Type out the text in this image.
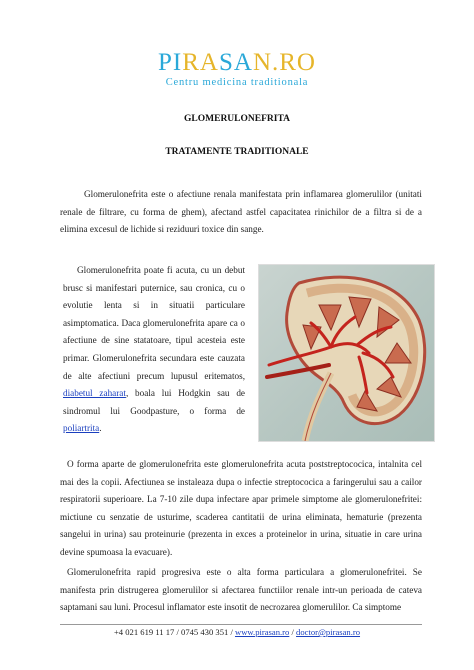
PIRASAN.RO
Centru medicina traditionala
GLOMERULONEFRITA
TRATAMENTE TRADITIONALE
Glomerulonefrita este o afectiune renala manifestata prin inflamarea glomerulilor (unitati renale de filtrare, cu forma de ghem), afectand astfel capacitatea rinichilor de a filtra si de a elimina excesul de lichide si reziduuri toxice din sange.
Glomerulonefrita poate fi acuta, cu un debut brusc si manifestari puternice, sau cronica, cu o evolutie lenta si in situatii particulare asimptomatica. Daca glomerulonefrita apare ca o afectiune de sine statatoare, tipul acesteia este primar. Glomerulonefrita secundara este cauzata de alte afectiuni precum lupusul eritematos, diabetul zaharat, boala lui Hodgkin sau de sindromul lui Goodpasture, o forma de poliartrita.
O forma aparte de glomerulonefrita este glomerulonefrita acuta poststreptococica, intalnita cel mai des la copii. Afectiunea se instaleaza dupa o infectie streptococica a faringerului sau a cailor respiratorii superioare. La 7-10 zile dupa infectare apar primele simptome ale glomerulonefritei: mictiune cu senzatie de usturime, scaderea cantitatii de urina eliminata, hematurie (prezenta sangelui in urina) sau proteinurie (prezenta in exces a proteinelor in urina, situatie in care urina devine spumoasa la evacuare).
Glomerulonefrita rapid progresiva este o alta forma particulara a glomerulonefritei. Se manifesta prin distrugerea glomerulilor si afectarea functiilor renale intr-un perioada de cateva saptamani sau luni. Procesul inflamator este insotit de necrozarea glomerulilor. Ca simptome
+4 021 619 11 17 / 0745 430 351 / www.pirasan.ro / doctor@pirasan.ro
